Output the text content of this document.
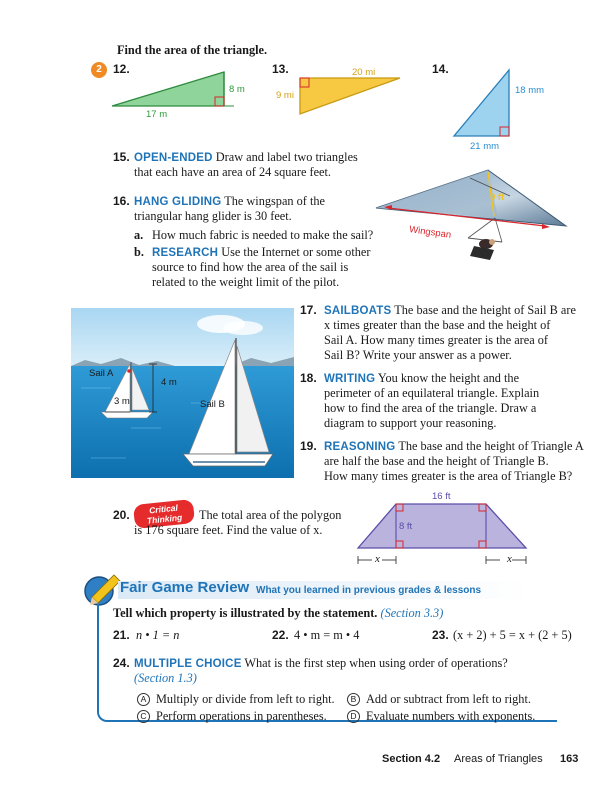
Find the area of the triangle.
2 12.
8 m
17 m
13.	20 mi
9 mi
14.
18 mm
21 mm
15. OPEN-ENDED Draw and label two triangles
that each have an area of 24 square feet.
16. HANG GLIDING The wingspan of the
triangular hang glider is 30 feet.
a. How much fabric is needed to make the sail?
b. RESEARCH Use the Internet or some other
source to find how the area of the sail is
related to the weight limit of the pilot.
Wingspan
9 ft
Sail A
4 m
3 m	Sail B
17. SAILBOATS The base and the height of Sail B are
x times greater than the base and the height of
Sail A. How many times greater is the area of
Sail B? Write your answer as a power.
18. WRITING You know the height and the
perimeter of an equilateral triangle. Explain
how to find the area of the triangle. Draw a
diagram to support your reasoning.
19. REASONING The base and the height of Triangle A
are half the base and the height of Triangle B.
How many times greater is the area of Triangle B?
20.	Critical
Thinking	The total area of the polygon
is 176 square feet. Find the value of x.
16 ft
8 ft
x	x
Fair Game Review What you learned in previous grades & lessons
Tell which property is illustrated by the statement. (Section 3.3)
21. n • 1 = n	22. 4 • m = m • 4	23. (x + 2) + 5 = x + (2 + 5)
24. MULTIPLE CHOICE What is the first step when using order of operations?
(Section 1.3)
A Multiply or divide from left to right.	B Add or subtract from left to right.
C Perform operations in parentheses.	D Evaluate numbers with exponents.
Section 4.2 Areas of Triangles 163
